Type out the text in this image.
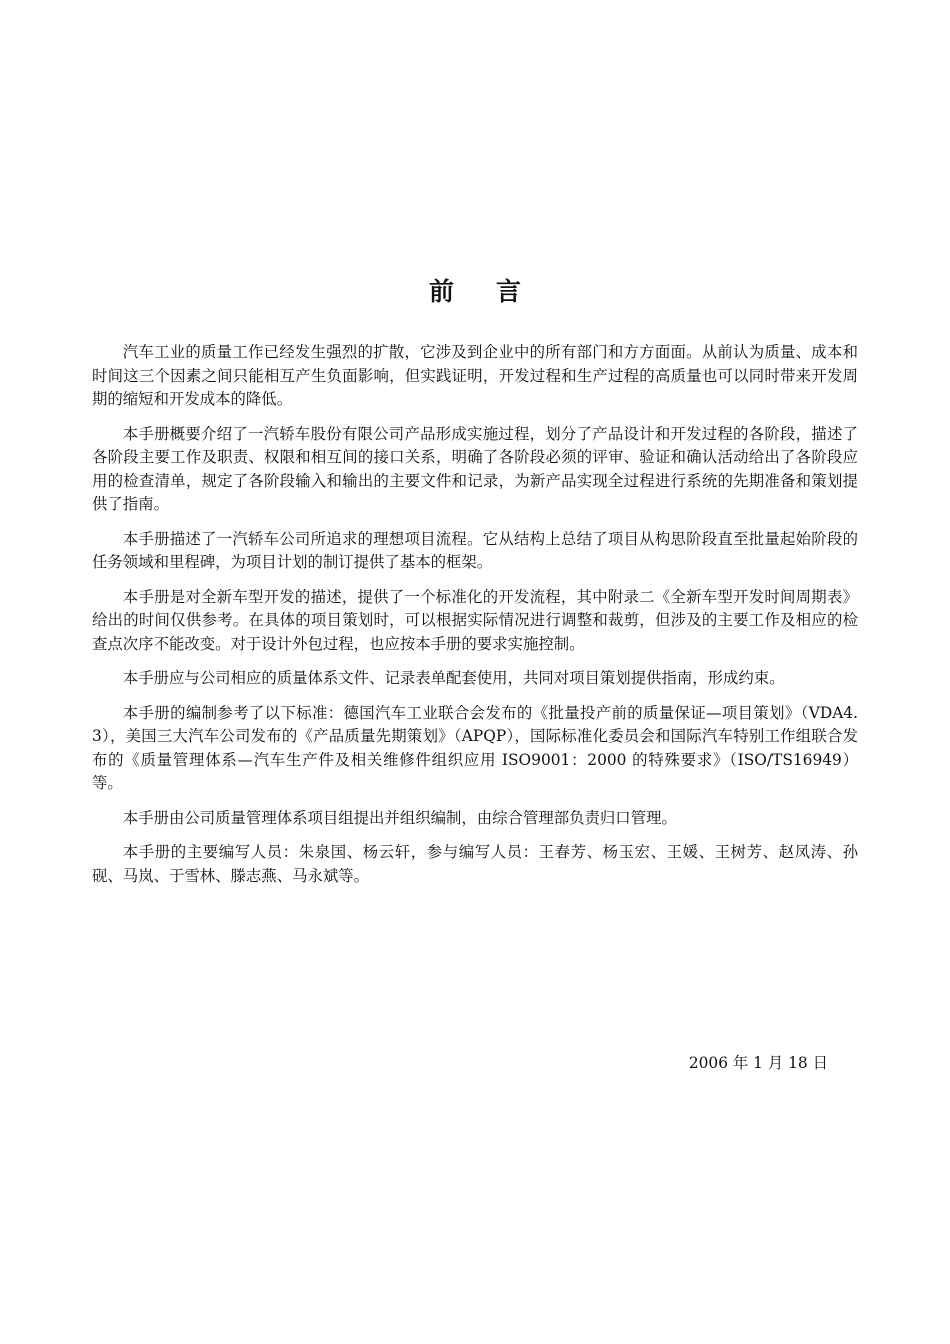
前言

汽车工业的质量工作已经发生强烈的扩散，它涉及到企业中的所有部门和方方面面。从前认为质量、成本和时间这三个因素之间只能相互产生负面影响，但实践证明，开发过程和生产过程的高质量也可以同时带来开发周期的缩短和开发成本的降低。

本手册概要介绍了一汽轿车股份有限公司产品形成实施过程，划分了产品设计和开发过程的各阶段，描述了各阶段主要工作及职责、权限和相互间的接口关系，明确了各阶段必须的评审、验证和确认活动给出了各阶段应用的检查清单，规定了各阶段输入和输出的主要文件和记录，为新产品实现全过程进行系统的先期准备和策划提供了指南。

本手册描述了一汽轿车公司所追求的理想项目流程。它从结构上总结了项目从构思阶段直至批量起始阶段的任务领域和里程碑，为项目计划的制订提供了基本的框架。

本手册是对全新车型开发的描述，提供了一个标准化的开发流程，其中附录二《全新车型开发时间周期表》给出的时间仅供参考。在具体的项目策划时，可以根据实际情况进行调整和裁剪，但涉及的主要工作及相应的检查点次序不能改变。对于设计外包过程，也应按本手册的要求实施控制。

本手册应与公司相应的质量体系文件、记录表单配套使用，共同对项目策划提供指南，形成约束。

本手册的编制参考了以下标准：德国汽车工业联合会发布的《批量投产前的质量保证—项目策划》（VDA4.3），美国三大汽车公司发布的《产品质量先期策划》（APQP），国际标准化委员会和国际汽车特别工作组联合发布的《质量管理体系—汽车生产件及相关维修件组织应用 ISO9001：2000 的特殊要求》（ISO/TS16949）等。

本手册由公司质量管理体系项目组提出并组织编制，由综合管理部负责归口管理。

本手册的主要编写人员：朱泉国、杨云轩，参与编写人员：王春芳、杨玉宏、王媛、王树芳、赵凤涛、孙砚、马岚、于雪林、滕志燕、马永斌等。

2006 年 1 月 18 日
